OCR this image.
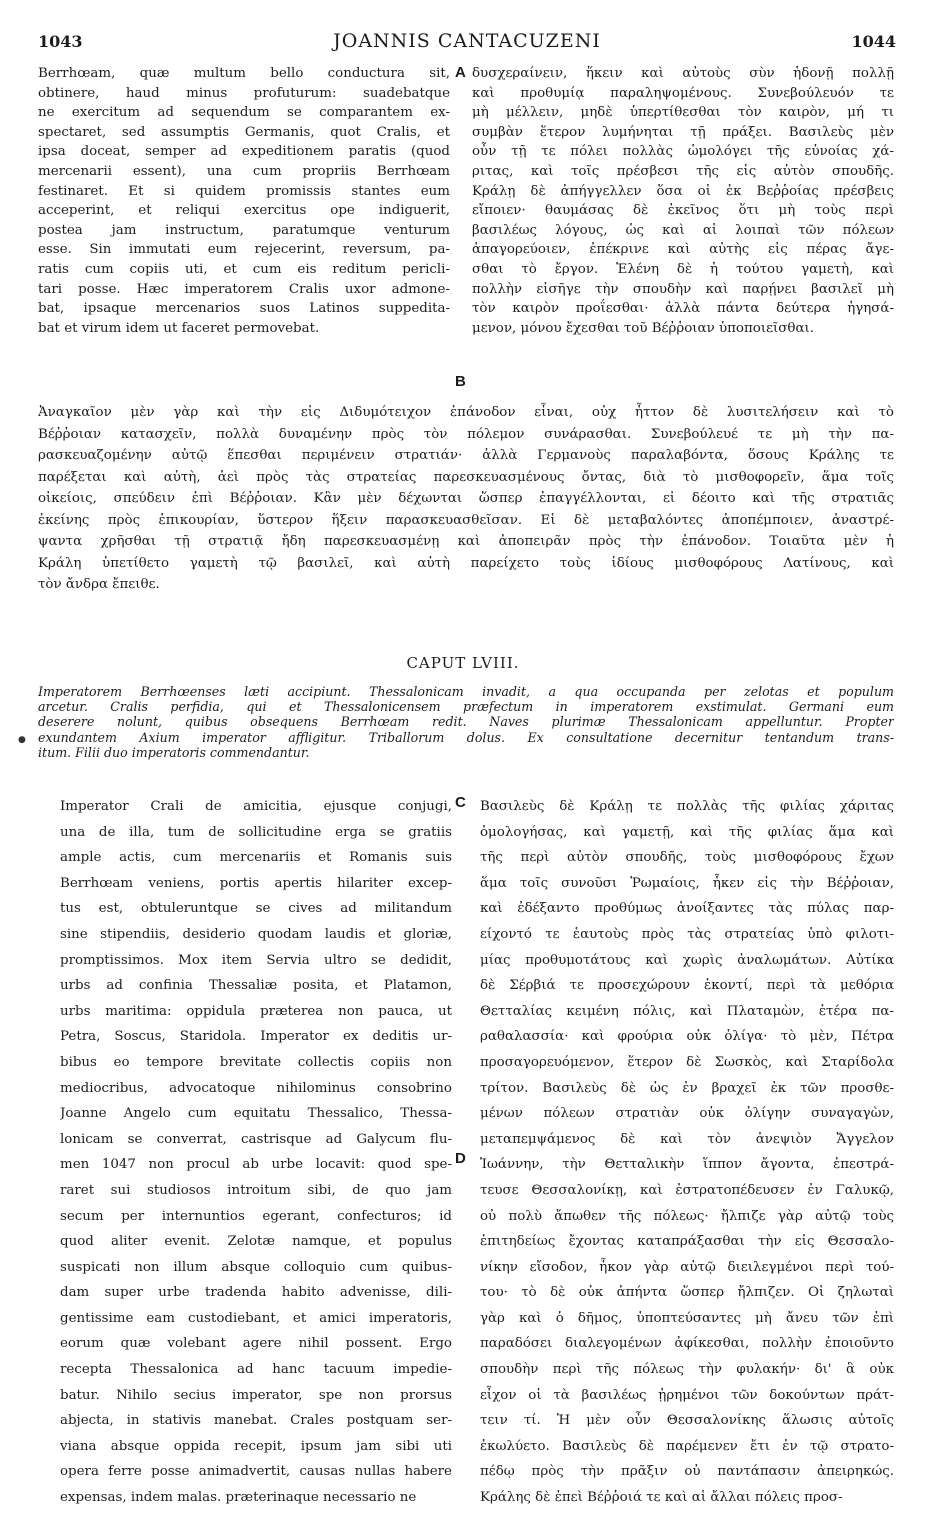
1043	JOANNIS CANTACUZENI	1044
Berrhœam, quæ multum bello conductura sit,
obtinere, haud minus profuturum: suadebatque
ne exercitum ad sequendum se comparantem ex-
spectaret, sed assumptis Germanis, quot Cralis, et
ipsa doceat, semper ad expeditionem paratis (quod
mercenarii essent), una cum propriis Berrhœam
festinaret. Et si quidem promissis stantes eum
acceperint, et reliqui exercitus ope indiguerit,
postea jam instructum, paratumque venturum
esse. Sin immutati eum rejecerint, reversum, pa-
ratis cum copiis uti, et cum eis reditum pericli-
tari posse. Hæc imperatorem Cralis uxor admone-
bat, ipsaque mercenarios suos Latinos suppedita-
bat et virum idem ut faceret permovebat.
δυσχεραίνειν, ἥκειν καὶ αὐτοὺς σὺν ἡδονῇ πολλῇ
καὶ προθυμίᾳ παραληψομένους. Συνεβούλευόν τε
μὴ μέλλειν, μηδὲ ὑπερτίθεσθαι τὸν καιρὸν, μή τι
συμβὰν ἕτερον λυμήνηται τῇ πράξει. Βασιλεὺς μὲν
οὖν τῇ τε πόλει πολλὰς ὡμολόγει τῆς εὐνοίας χά-
ριτας, καὶ τοῖς πρέσβεσι τῆς εἰς αὐτὸν σπουδῆς.
Κράλῃ δὲ ἀπήγγελλεν ὅσα οἱ ἐκ Βεῤῥοίας πρέσβεις
εἴποιεν· θαυμάσας δὲ ἐκεῖνος ὅτι μὴ τοὺς περὶ
βασιλέως λόγους, ὡς καὶ αἱ λοιπαὶ τῶν πόλεων
ἀπαγορεύοιεν, ἐπέκρινε καὶ αὐτὴς εἰς πέρας ἄγε-
σθαι τὸ ἔργον. Ἑλένη δὲ ἡ τούτου γαμετὴ, καὶ
πολλὴν εἰσῆγε τὴν σπουδὴν καὶ παρῄνει βασιλεῖ μὴ
τὸν καιρὸν προΐεσθαι· ἀλλὰ πάντα δεύτερα ἡγησά-
μενον, μόνου ἔχεσθαι τοῦ Βέῤῥοιαν ὑποποιεῖσθαι.
A
B
Ἀναγκαῖον μὲν γὰρ καὶ τὴν εἰς Διδυμότειχον ἐπάνοδον εἶναι, οὐχ ἧττον δὲ λυσιτελήσειν καὶ τὸ
Βέῤῥοιαν κατασχεῖν, πολλὰ δυναμένην πρὸς τὸν πόλεμον συνάρασθαι. Συνεβούλευέ τε μὴ τὴν πα-
ρασκευαζομένην αὐτῷ ἕπεσθαι περιμένειν στρατιάν· ἀλλὰ Γερμανοὺς παραλαβόντα, ὅσους Κράλης τε
παρέξεται καὶ αὐτὴ, ἀεὶ πρὸς τὰς στρατείας παρεσκευασμένους ὄντας, διὰ τὸ μισθοφορεῖν, ἅμα τοῖς
οἰκείοις, σπεύδειν ἐπὶ Βέῤῥοιαν. Κἂν μὲν δέχωνται ὥσπερ ἐπαγγέλλονται, εἰ δέοιτο καὶ τῆς στρατιᾶς
ἐκείνης πρὸς ἐπικουρίαν, ὕστερον ἥξειν παρασκευασθεῖσαν. Εἰ δὲ μεταβαλόντες ἀποπέμποιεν, ἀναστρέ-
ψαντα χρῆσθαι τῇ στρατιᾷ ἤδη παρεσκευασμένῃ καὶ ἀποπειρᾶν πρὸς τὴν ἐπάνοδον. Τοιαῦτα μὲν ἡ
Κράλη ὑπετίθετο γαμετὴ τῷ βασιλεῖ, καὶ αὐτὴ παρείχετο τοὺς ἰδίους μισθοφόρους Λατίνους, καὶ
τὸν ἄνδρα ἔπειθε.
CAPUT LVIII.
●
Imperatorem Berrhœenses læti accipiunt. Thessalonicam invadit, a qua occupanda per zelotas et populum
arcetur. Cralis perfidia, qui et Thessalonicensem præfectum in imperatorem exstimulat. Germani eum
deserere nolunt, quibus obsequens Berrhœam redit. Naves plurimæ Thessalonicam appelluntur. Propter
exundantem Axium imperator affligitur. Triballorum dolus. Ex consultatione decernitur tentandum trans-
itum. Filii duo imperatoris commendantur.
Imperator Crali de amicitia, ejusque conjugi,
una de illa, tum de sollicitudine erga se gratiis
ample actis, cum mercenariis et Romanis suis
Berrhœam veniens, portis apertis hilariter excep-
tus est, obtuleruntque se cives ad militandum
sine stipendiis, desiderio quodam laudis et gloriæ,
promptissimos. Mox item Servia ultro se dedidit,
urbs ad confinia Thessaliæ posita, et Platamon,
urbs maritima: oppidula præterea non pauca, ut
Petra, Soscus, Staridola. Imperator ex deditis ur-
bibus eo tempore brevitate collectis copiis non
mediocribus, advocatoque nihilominus consobrino
Joanne Angelo cum equitatu Thessalico, Thessa-
lonicam se converrat, castrisque ad Galycum flu-
men 1047 non procul ab urbe locavit: quod spe-
raret sui studiosos introitum sibi, de quo jam
secum per internuntios egerant, confecturos; id
quod aliter evenit. Zelotæ namque, et populus
suspicati non illum absque colloquio cum quibus-
dam super urbe tradenda habito advenisse, dili-
gentissime eam custodiebant, et amici imperatoris,
eorum quæ volebant agere nihil possent. Ergo
recepta Thessalonica ad hanc tacuum impedie-
batur. Nihilo secius imperator, spe non prorsus
abjecta, in stativis manebat. Crales postquam ser-
viana absque oppida recepit, ipsum jam sibi uti
opera ferre posse animadvertit, causas nullas habere
expensas, indem malas. præterinaque necessario ne
Βασιλεὺς δὲ Κράλῃ τε πολλὰς τῆς φιλίας χάριτας
ὁμολογήσας, καὶ γαμετῇ, καὶ τῆς φιλίας ἅμα καὶ
τῆς περὶ αὐτὸν σπουδῆς, τοὺς μισθοφόρους ἔχων
ἅμα τοῖς συνοῦσι Ῥωμαίοις, ἧκεν εἰς τὴν Βέῤῥοιαν,
καὶ ἐδέξαντο προθύμως ἀνοίξαντες τὰς πύλας παρ-
είχοντό τε ἑαυτοὺς πρὸς τὰς στρατείας ὑπὸ φιλοτι-
μίας προθυμοτάτους καὶ χωρὶς ἀναλωμάτων. Αὐτίκα
δὲ Σέρβιά τε προσεχώρουν ἑκοντί, περὶ τὰ μεθόρια
Θετταλίας κειμένη πόλις, καὶ Πλαταμὼν, ἑτέρα πα-
ραθαλασσία· καὶ φρούρια οὐκ ὀλίγα· τὸ μὲν, Πέτρα
προσαγορευόμενον, ἕτερον δὲ Σωσκὸς, καὶ Σταρίδολα
τρίτον. Βασιλεὺς δὲ ὡς ἐν βραχεῖ ἐκ τῶν προσθε-
μένων πόλεων στρατιὰν οὐκ ὀλίγην συναγαγὼν,
μεταπεμψάμενος δὲ καὶ τὸν ἀνεψιὸν Ἄγγελον
Ἰωάννην, τὴν Θετταλικὴν ἵππον ἄγοντα, ἐπεστρά-
τευσε Θεσσαλονίκῃ, καὶ ἐστρατοπέδευσεν ἐν Γαλυκῷ,
οὐ πολὺ ἄπωθεν τῆς πόλεως· ἤλπιζε γὰρ αὐτῷ τοὺς
ἐπιτηδείως ἔχοντας καταπράξασθαι τὴν εἰς Θεσσαλο-
νίκην εἴσοδον, ἧκον γὰρ αὐτῷ διειλεγμένοι περὶ τού-
του· τὸ δὲ οὐκ ἀπήντα ὥσπερ ἤλπιζεν. Οἱ ζηλωταὶ
γὰρ καὶ ὁ δῆμος, ὑποπτεύσαντες μὴ ἄνευ τῶν ἐπὶ
παραδόσει διαλεγομένων ἀφίκεσθαι, πολλὴν ἐποιοῦντο
σπουδὴν περὶ τῆς πόλεως τὴν φυλακήν· δι' ἃ οὐκ
εἶχον οἱ τὰ βασιλέως ᾑρημένοι τῶν δοκούντων πράτ-
τειν τί. Ἡ μὲν οὖν Θεσσαλονίκης ἅλωσις αὐτοῖς
ἐκωλύετο. Βασιλεὺς δὲ παρέμενεν ἔτι ἐν τῷ στρατο-
πέδῳ πρὸς τὴν πρᾶξιν οὐ παντάπασιν ἀπειρηκώς.
Κράλης δὲ ἐπεὶ Βέῤῥοιά τε καὶ αἱ ἄλλαι πόλεις προσ-
C
D
